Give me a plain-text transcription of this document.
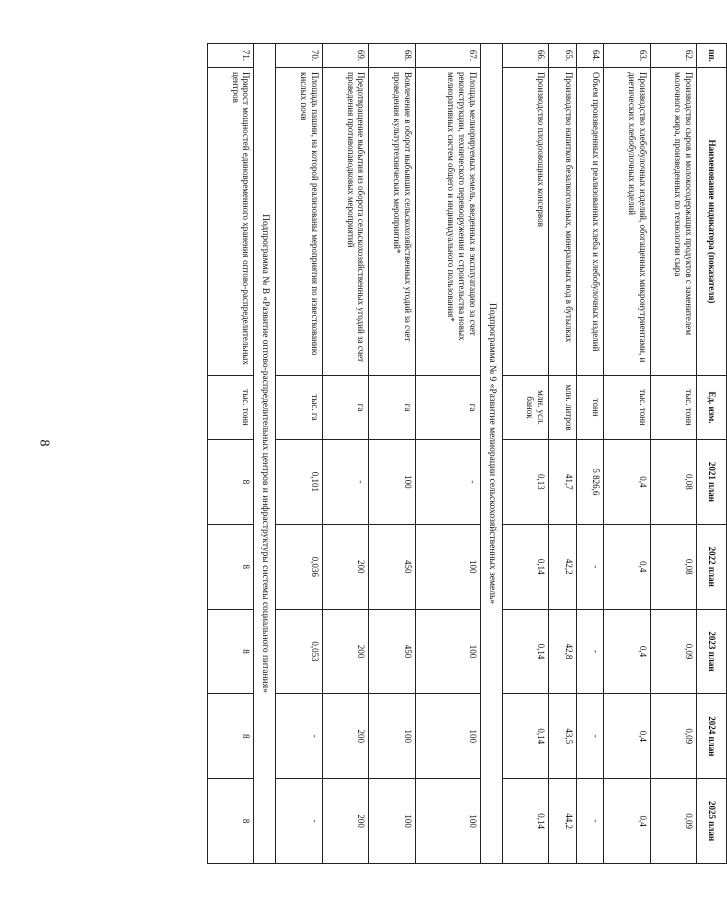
8
пп.	Наименование индикатора (показателя)	Ед. изм.	2021 план	2022 план	2023 план	2024 план	2025 план
62.	Производство сыров и молокосодержащих продуктов с заменителем молочного жира, произведенных по технологии сыра	тыс. тонн	0,08	0,08	0,09	0,09	0,09
63.	Производство хлебобулочных изделий, обогащенных микронутриентами, и диетических хлебобулочных изделий	тыс. тонн	0,4	0,4	0,4	0,4	0,4
64.	Объем произведенных и реализованных хлеба и хлебобулочных изделий	тонн	5 826,6	-	-	-	-
65.	Производство напитков безалкогольных, минеральных вод в бутылках	млн. литров	41,7	42,2	42,8	43,5	44,2
66.	Производство плодоовощных консервов	млн. усл. банок	0,13	0,14	0,14	0,14	0,14
Подпрограмма № 9 «Развитие мелиорации сельскохозяйственных земель»							
67.	Площадь мелиорируемых земель, введенных в эксплуатацию за счет реконструкции, технического перевооружения и строительства новых мелиоративных систем общего и индивидуального пользования*	га	-	100	100	100	100
68.	Вовлечение в оборот выбывших сельскохозяйственных угодий за счет проведения культуртехнических мероприятий*	га	100	450	450	100	100
69.	Предотвращение выбытия из оборота сельскохозяйственных угодий за счет проведения противопаводковых мероприятий	га	-	200	200	200	200
70.	Площадь пашни, на которой реализованы мероприятия по известкованию кислых почв	тыс. га	0,101	0,036	0,053	-	-
Подпрограмма № В «Развитие оптово-распределительных центров и инфраструктуры системы социального питания»							
71.	Прирост мощностей единовременного хранения оптово-распределительных центров	тыс. тонн	8	8	8	8	8
